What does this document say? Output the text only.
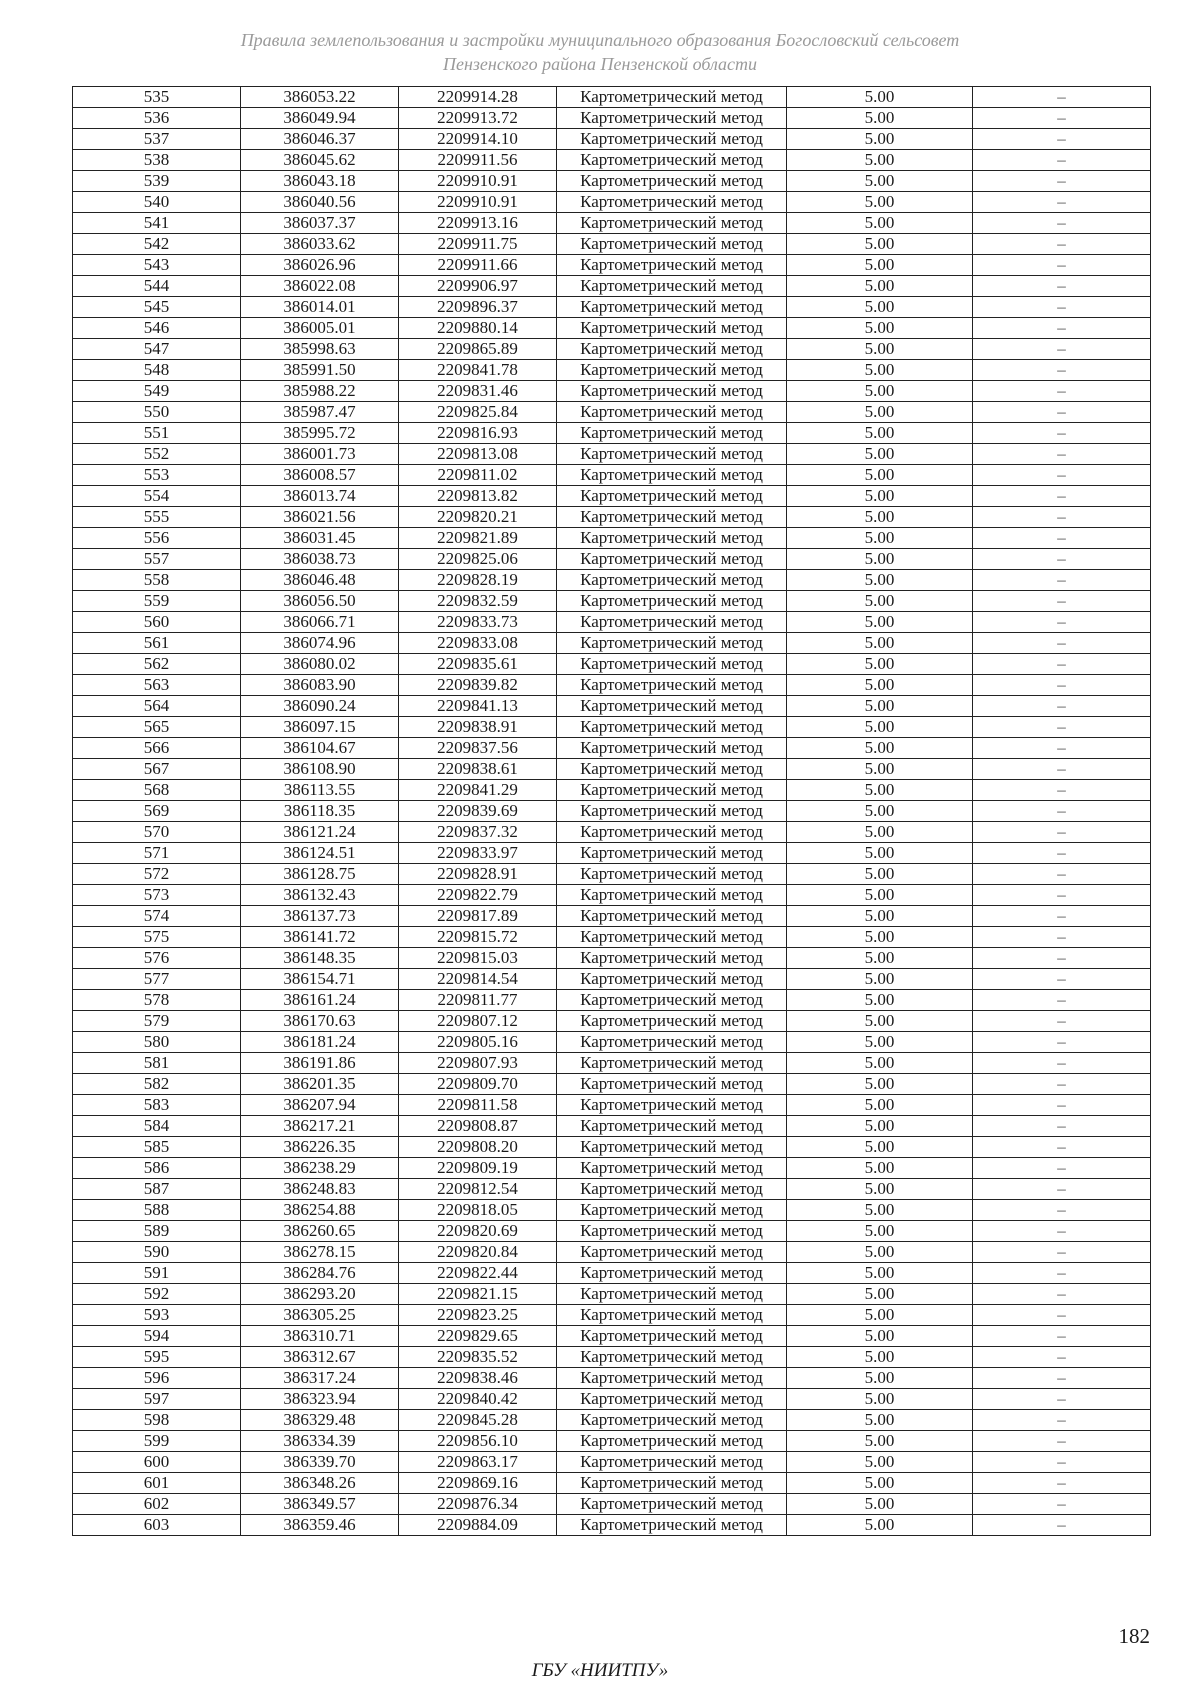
Правила землепользования и застройки муниципального образования Богословский сельсовет
Пензенского района Пензенской области
535	386053.22	2209914.28	Картометрический метод	5.00	–
536	386049.94	2209913.72	Картометрический метод	5.00	–
537	386046.37	2209914.10	Картометрический метод	5.00	–
538	386045.62	2209911.56	Картометрический метод	5.00	–
539	386043.18	2209910.91	Картометрический метод	5.00	–
540	386040.56	2209910.91	Картометрический метод	5.00	–
541	386037.37	2209913.16	Картометрический метод	5.00	–
542	386033.62	2209911.75	Картометрический метод	5.00	–
543	386026.96	2209911.66	Картометрический метод	5.00	–
544	386022.08	2209906.97	Картометрический метод	5.00	–
545	386014.01	2209896.37	Картометрический метод	5.00	–
546	386005.01	2209880.14	Картометрический метод	5.00	–
547	385998.63	2209865.89	Картометрический метод	5.00	–
548	385991.50	2209841.78	Картометрический метод	5.00	–
549	385988.22	2209831.46	Картометрический метод	5.00	–
550	385987.47	2209825.84	Картометрический метод	5.00	–
551	385995.72	2209816.93	Картометрический метод	5.00	–
552	386001.73	2209813.08	Картометрический метод	5.00	–
553	386008.57	2209811.02	Картометрический метод	5.00	–
554	386013.74	2209813.82	Картометрический метод	5.00	–
555	386021.56	2209820.21	Картометрический метод	5.00	–
556	386031.45	2209821.89	Картометрический метод	5.00	–
557	386038.73	2209825.06	Картометрический метод	5.00	–
558	386046.48	2209828.19	Картометрический метод	5.00	–
559	386056.50	2209832.59	Картометрический метод	5.00	–
560	386066.71	2209833.73	Картометрический метод	5.00	–
561	386074.96	2209833.08	Картометрический метод	5.00	–
562	386080.02	2209835.61	Картометрический метод	5.00	–
563	386083.90	2209839.82	Картометрический метод	5.00	–
564	386090.24	2209841.13	Картометрический метод	5.00	–
565	386097.15	2209838.91	Картометрический метод	5.00	–
566	386104.67	2209837.56	Картометрический метод	5.00	–
567	386108.90	2209838.61	Картометрический метод	5.00	–
568	386113.55	2209841.29	Картометрический метод	5.00	–
569	386118.35	2209839.69	Картометрический метод	5.00	–
570	386121.24	2209837.32	Картометрический метод	5.00	–
571	386124.51	2209833.97	Картометрический метод	5.00	–
572	386128.75	2209828.91	Картометрический метод	5.00	–
573	386132.43	2209822.79	Картометрический метод	5.00	–
574	386137.73	2209817.89	Картометрический метод	5.00	–
575	386141.72	2209815.72	Картометрический метод	5.00	–
576	386148.35	2209815.03	Картометрический метод	5.00	–
577	386154.71	2209814.54	Картометрический метод	5.00	–
578	386161.24	2209811.77	Картометрический метод	5.00	–
579	386170.63	2209807.12	Картометрический метод	5.00	–
580	386181.24	2209805.16	Картометрический метод	5.00	–
581	386191.86	2209807.93	Картометрический метод	5.00	–
582	386201.35	2209809.70	Картометрический метод	5.00	–
583	386207.94	2209811.58	Картометрический метод	5.00	–
584	386217.21	2209808.87	Картометрический метод	5.00	–
585	386226.35	2209808.20	Картометрический метод	5.00	–
586	386238.29	2209809.19	Картометрический метод	5.00	–
587	386248.83	2209812.54	Картометрический метод	5.00	–
588	386254.88	2209818.05	Картометрический метод	5.00	–
589	386260.65	2209820.69	Картометрический метод	5.00	–
590	386278.15	2209820.84	Картометрический метод	5.00	–
591	386284.76	2209822.44	Картометрический метод	5.00	–
592	386293.20	2209821.15	Картометрический метод	5.00	–
593	386305.25	2209823.25	Картометрический метод	5.00	–
594	386310.71	2209829.65	Картометрический метод	5.00	–
595	386312.67	2209835.52	Картометрический метод	5.00	–
596	386317.24	2209838.46	Картометрический метод	5.00	–
597	386323.94	2209840.42	Картометрический метод	5.00	–
598	386329.48	2209845.28	Картометрический метод	5.00	–
599	386334.39	2209856.10	Картометрический метод	5.00	–
600	386339.70	2209863.17	Картометрический метод	5.00	–
601	386348.26	2209869.16	Картометрический метод	5.00	–
602	386349.57	2209876.34	Картометрический метод	5.00	–
603	386359.46	2209884.09	Картометрический метод	5.00	–
182
ГБУ «НИИТПУ»
